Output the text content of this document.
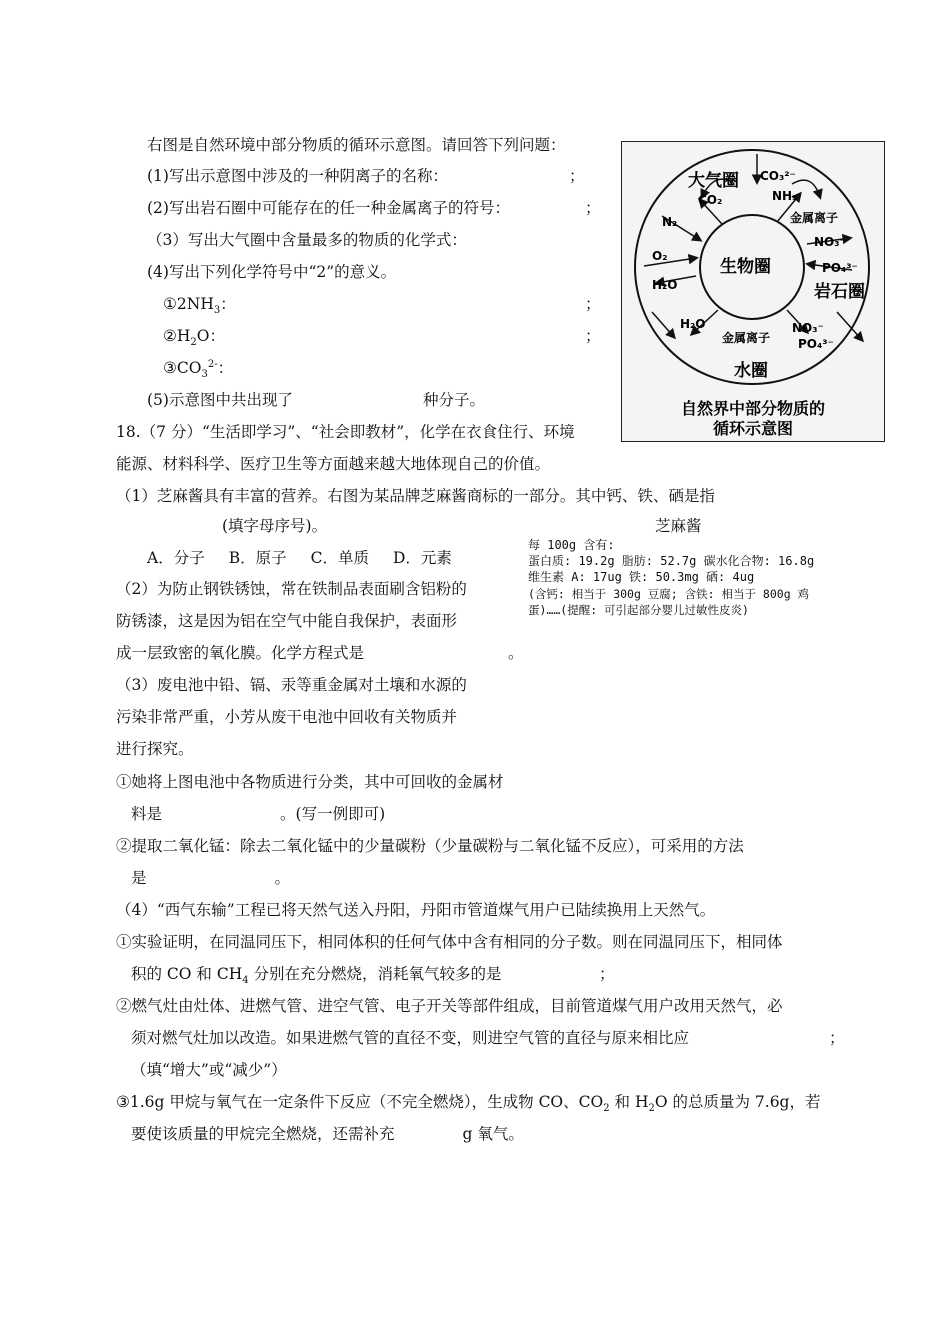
右图是自然环境中部分物质的循环示意图。请回答下列问题：
(1)写出示意图中涉及的一种阴离子的名称：	；
(2)写出岩石圈中可能存在的任一种金属离子的符号：	；
（3）写出大气圈中含量最多的物质的化学式：
(4)写出下列化学符号中“2”的意义。
$①2NH_3$：	；
$②H_2O$：	；
$③CO_3^{2-}$：
(5)示意图中共出现了	种分子。
大气圈 CO₃²⁻
NH₃
CO₂
N₂	金属离子
NO₃⁻
O₂
生物圈	PO₄³⁻
H₂O	岩石圈
H₂O
金属离子
NO₃⁻
PO₄³⁻
水圈
自然界中部分物质的
循环示意图
18.（7 分）“生活即学习”、“社会即教材”，化学在衣食住行、环境
能源、材料科学、医疗卫生等方面越来越大地体现自己的价值。
（1）芝麻酱具有丰富的营养。右图为某品牌芝麻酱商标的一部分。其中钙、铁、硒是指
(填字母序号)。
A．分子 B．原子 C．单质 D．元素
芝麻酱
每 100g 含有:
蛋白质: 19.2g 脂肪: 52.7g 碳水化合物: 16.8g
维生素 A: 17ug 铁: 50.3mg 硒: 4ug
(含钙: 相当于 300g 豆腐; 含铁: 相当于 800g 鸡
蛋)……(提醒: 可引起部分婴儿过敏性皮炎)
（2）为防止钢铁锈蚀，常在铁制品表面刷含铝粉的
防锈漆，这是因为铝在空气中能自我保护，表面形
成一层致密的氧化膜。化学方程式是	。
（3）废电池中铅、镉、汞等重金属对土壤和水源的
污染非常严重，小芳从废干电池中回收有关物质并
进行探究。
①她将上图电池中各物质进行分类，其中可回收的金属材
料是	。(写一例即可)
②提取二氧化锰：除去二氧化锰中的少量碳粉（少量碳粉与二氧化锰不反应），可采用的方法
是	。
（4）“西气东输”工程已将天然气送入丹阳，丹阳市管道煤气用户已陆续换用上天然气。
①实验证明，在同温同压下，相同体积的任何气体中含有相同的分子数。则在同温同压下，相同体
积的 CO 和 $CH_4$ 分别在充分燃烧，消耗氧气较多的是	；
②燃气灶由灶体、进燃气管、进空气管、电子开关等部件组成，目前管道煤气用户改用天然气，必
须对燃气灶加以改造。如果进燃气管的直径不变，则进空气管的直径与原来相比应	；
（填“增大”或“减少”）
③1.6g 甲烷与氧气在一定条件下反应（不完全燃烧），生成物 CO、$CO_2$ 和 $H_2O$ 的总质量为 7.6g，若
要使该质量的甲烷完全燃烧，还需补充	g 氧气。
